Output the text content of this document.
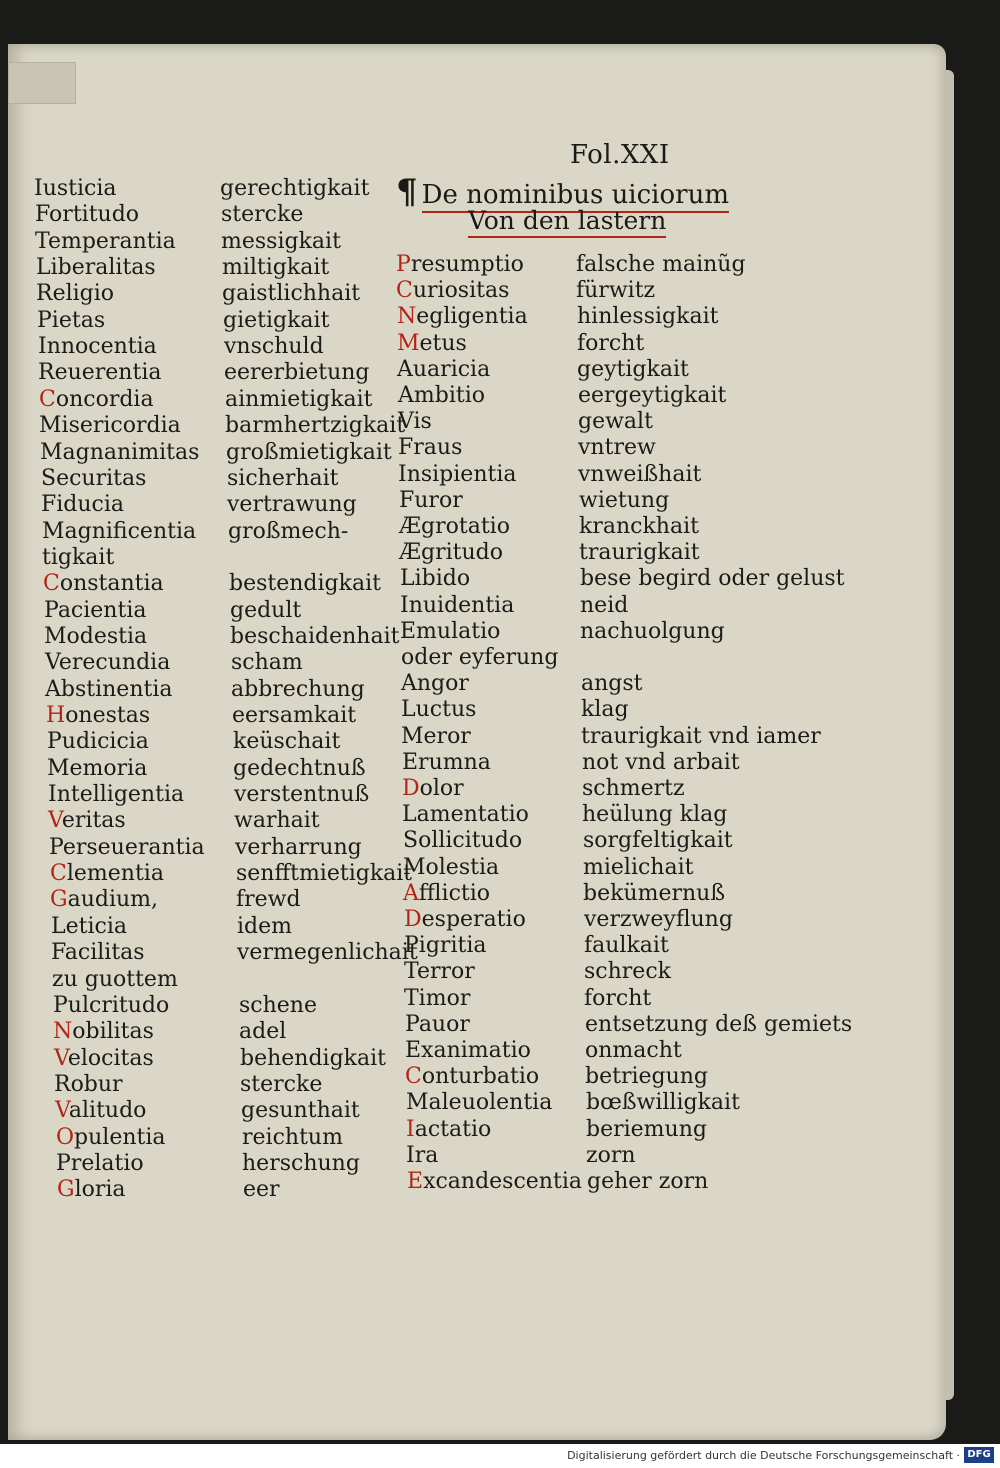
Fol.XXI
¶ De nominibus uiciorum
Von den lastern
Iusticia	gerechtigkait
Fortitudo	stercke
Temperantia messigkait
Liberalitas	miltigkait
Religio	gaistlichhait
Pietas	gietigkait
Innocentia	vnschuld
Reuerentia	eererbietung
Concordia	ainmietigkait
Misericordia barmhertzigkait
Magnanimitas großmietigkait
Securitas	sicherhait
Fiducia	vertrawung
Magnificentia großmech-
tigkait
Constantia	bestendigkait
Pacientia	gedult
Modestia	beschaidenhait
Verecundia	scham
Abstinentia	abbrechung
Honestas	eersamkait
Pudicicia	keüschait
Memoria	gedechtnuß
Intelligentia verstentnuß
Veritas	warhait
Perseuerantia verharrung
Clementia	senfftmietigkait
Gaudium,	frewd
Leticia	idem
Facilitas	vermegenlichait
zu guottem
Pulcritudo	schene
Nobilitas	adel
Velocitas	behendigkait
Robur	stercke
Valitudo	gesunthait
Opulentia	reichtum
Prelatio	herschung
Gloria	eer
Presumptio falsche mainũg
Curiositas	fürwitz
Negligentia hinlessigkait
Metus	forcht
Auaricia	geytigkait
Ambitio	eergeytigkait
Vis	gewalt
Fraus	vntrew
Insipientia	vnweißhait
Furor	wietung
Ægrotatio	kranckhait
Ægritudo	traurigkait
Libido	bese begird oder gelust
Inuidentia	neid
Emulatio	nachuolgung
oder eyferung
Angor	angst
Luctus	klag
Meror	traurigkait vnd iamer
Erumna	not vnd arbait
Dolor	schmertz
Lamentatio heülung klag
Sollicitudo	sorgfeltigkait
Molestia	mielichait
Afflictio	bekümernuß
Desperatio	verzweyflung
Pigritia	faulkait
Terror	schreck
Timor	forcht
Pauor	entsetzung deß gemiets
Exanimatio onmacht
Conturbatio betriegung
Maleuolentia bœßwilligkait
Iactatio	beriemung
Ira	zorn
Excandescentia geher zorn
Digitalisierung gefördert durch die Deutsche Forschungsgemeinschaft · DFG
